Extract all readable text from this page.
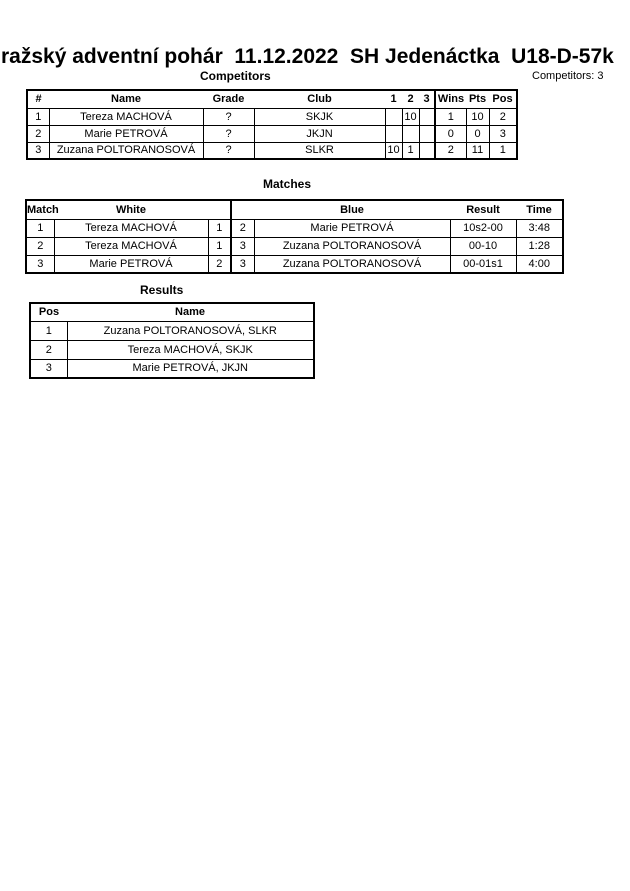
ražský adventní pohár  11.12.2022  SH Jedenáctka  U18-D-57k
Competitors: 3
Competitors
#	Name	Grade	Club	1	2	3	Wins	Pts	Pos
1	Tereza MACHOVÁ	?	SKJK		10		1	10	2
2	Marie PETROVÁ	?	JKJN				0	0	3
3	Zuzana POLTORANOSOVÁ	?	SLKR	10	1		2	11	1
Matches
Match	White			Blue	Result	Time
1	Tereza MACHOVÁ	1	2	Marie PETROVÁ	10s2-00	3:48
2	Tereza MACHOVÁ	1	3	Zuzana POLTORANOSOVÁ	00-10	1:28
3	Marie PETROVÁ	2	3	Zuzana POLTORANOSOVÁ	00-01s1	4:00
Results
Pos	Name
1	Zuzana POLTORANOSOVÁ, SLKR
2	Tereza MACHOVÁ, SKJK
3	Marie PETROVÁ, JKJN
